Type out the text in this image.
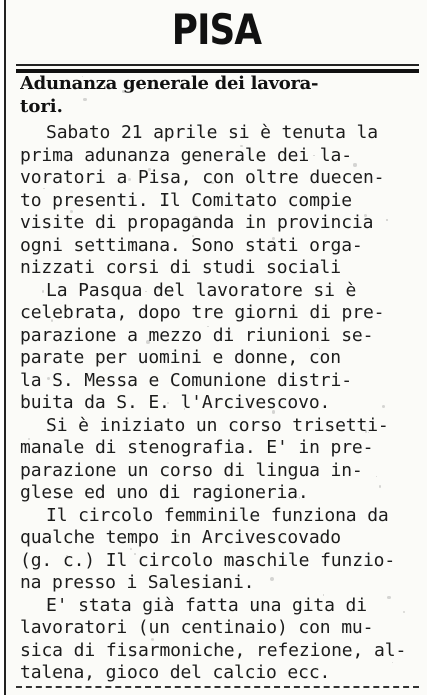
PISA
Adunanza generale dei lavora-
tori.
Sabato 21 aprile si è tenuta la
prima adunanza generale dei la-
voratori a Pisa, con oltre duecen-
to presenti. Il Comitato compie
visite di propaganda in provincia
ogni settimana. Sono stati orga-
nizzati corsi di studi sociali
La Pasqua del lavoratore si è
celebrata, dopo tre giorni di pre-
parazione a mezzo di riunioni se-
parate per uomini e donne, con
la S. Messa e Comunione distri-
buita da S. E. l'Arcivescovo.
Si è iniziato un corso trisetti-
manale di stenografia. E' in pre-
parazione un corso di lingua in-
glese ed uno di ragioneria.
Il circolo femminile funziona da
qualche tempo in Arcivescovado
(g. c.) Il circolo maschile funzio-
na presso i Salesiani.
E' stata già fatta una gita di
lavoratori (un centinaio) con mu-
sica di fisarmoniche, refezione, al-
talena, gioco del calcio ecc.
